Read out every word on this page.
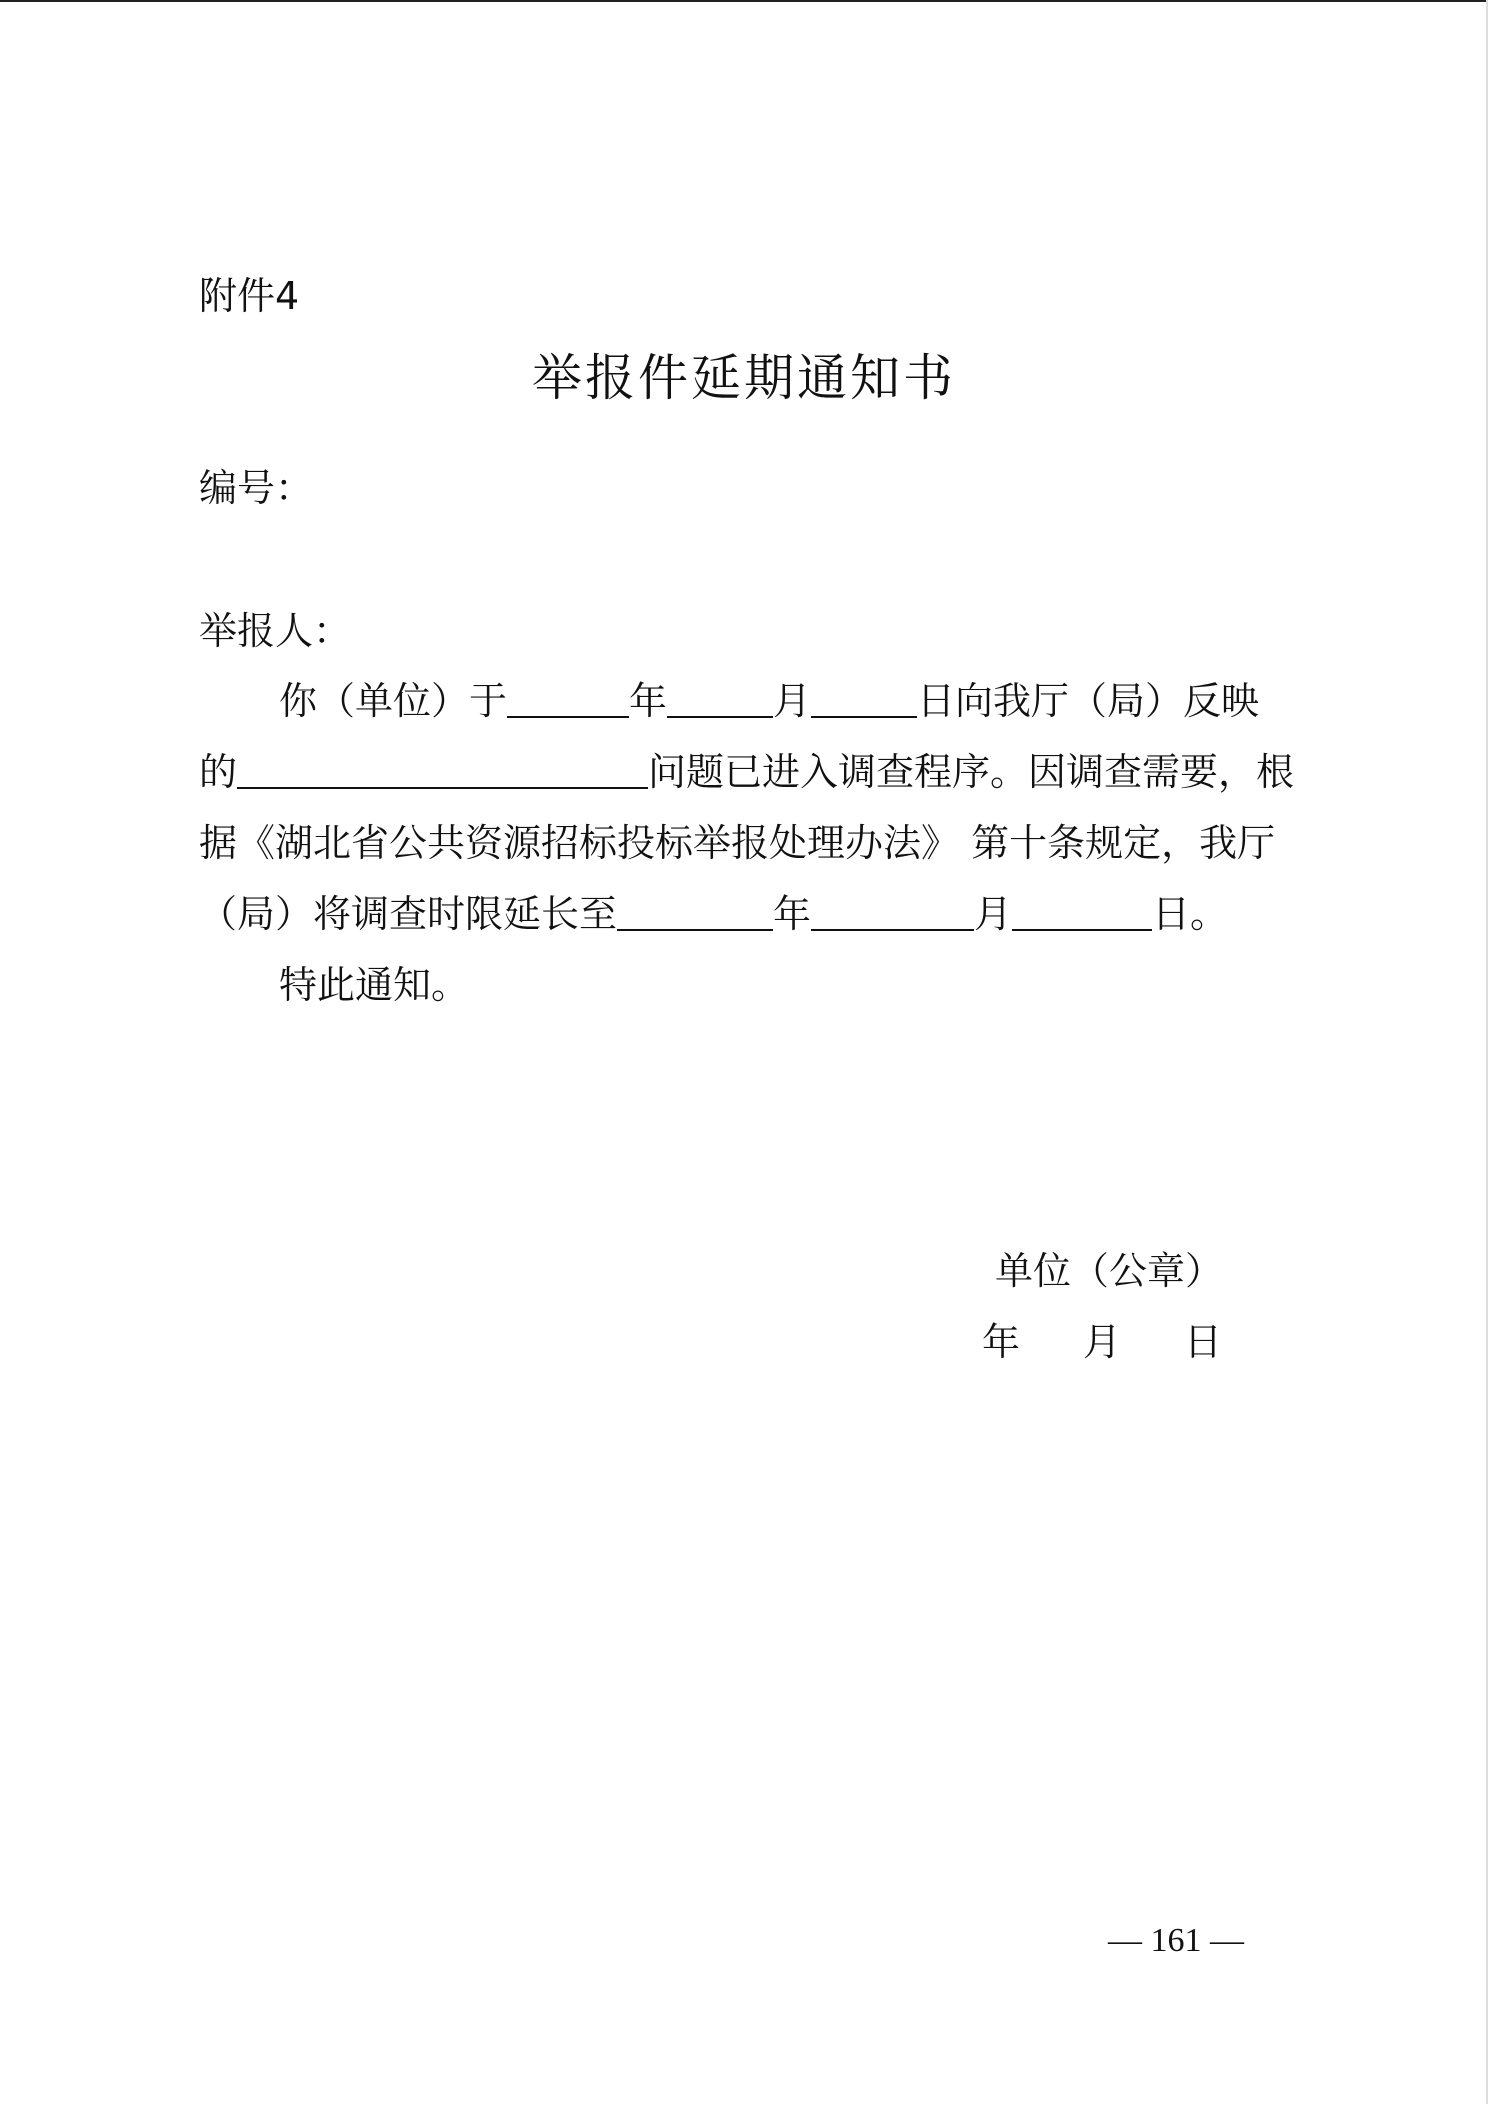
附件4
举报件延期通知书
编号：
举报人：
你（单位）于	年	月	日向我厅（局）反映
的	问题已进入调查程序。因调查需要，根
据《湖北省公共资源招标投标举报处理办法》 第十条规定，我厅
（局）将调查时限延长至	年	月	日。
特此通知。
单位（公章）
年 月 日
— 161 —
